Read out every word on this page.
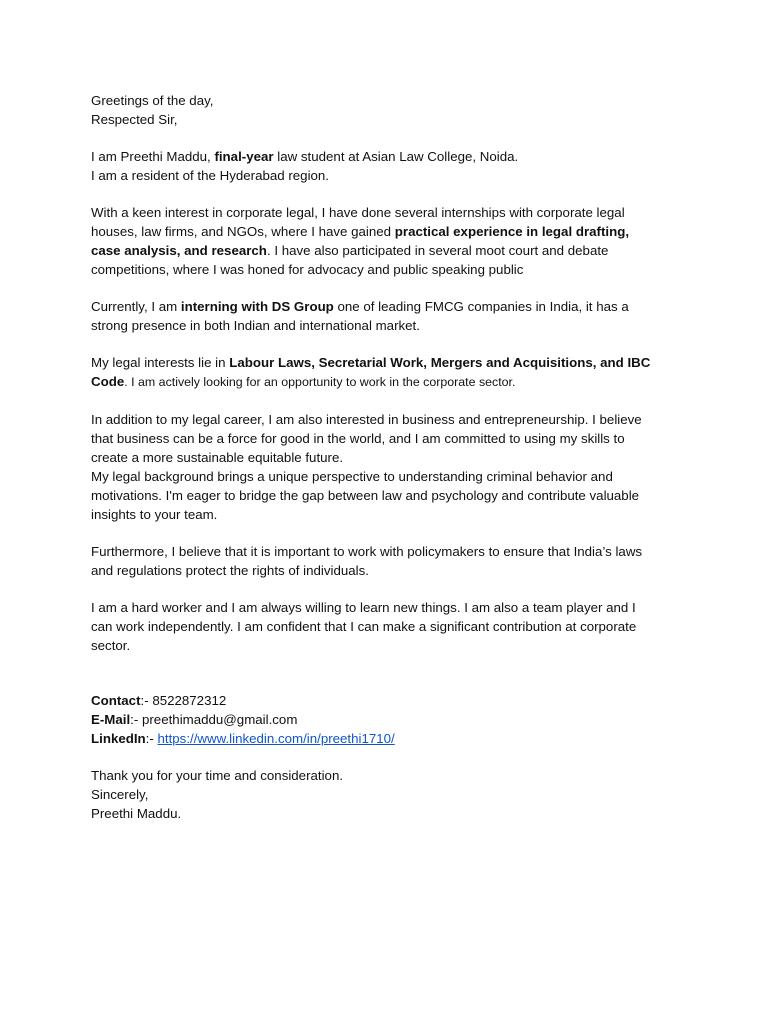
Greetings of the day,
Respected Sir,
I am Preethi Maddu, final-year law student at Asian Law College, Noida.
I am a resident of the Hyderabad region.
With a keen interest in corporate legal, I have done several internships with corporate legal
houses, law firms, and NGOs, where I have gained practical experience in legal drafting,
case analysis, and research. I have also participated in several moot court and debate
competitions, where I was honed for advocacy and public speaking public
Currently, I am interning with DS Group one of leading FMCG companies in India, it has a
strong presence in both Indian and international market.
My legal interests lie in Labour Laws, Secretarial Work, Mergers and Acquisitions, and IBC
Code. I am actively looking for an opportunity to work in the corporate sector.
In addition to my legal career, I am also interested in business and entrepreneurship. I believe
that business can be a force for good in the world, and I am committed to using my skills to
create a more sustainable equitable future.
My legal background brings a unique perspective to understanding criminal behavior and
motivations. I'm eager to bridge the gap between law and psychology and contribute valuable
insights to your team.
Furthermore, I believe that it is important to work with policymakers to ensure that India’s laws
and regulations protect the rights of individuals.
I am a hard worker and I am always willing to learn new things. I am also a team player and I
can work independently. I am confident that I can make a significant contribution at corporate
sector.
Contact:- 8522872312
E-Mail:- preethimaddu@gmail.com
LinkedIn:- https://www.linkedin.com/in/preethi1710/
Thank you for your time and consideration.
Sincerely,
Preethi Maddu.
